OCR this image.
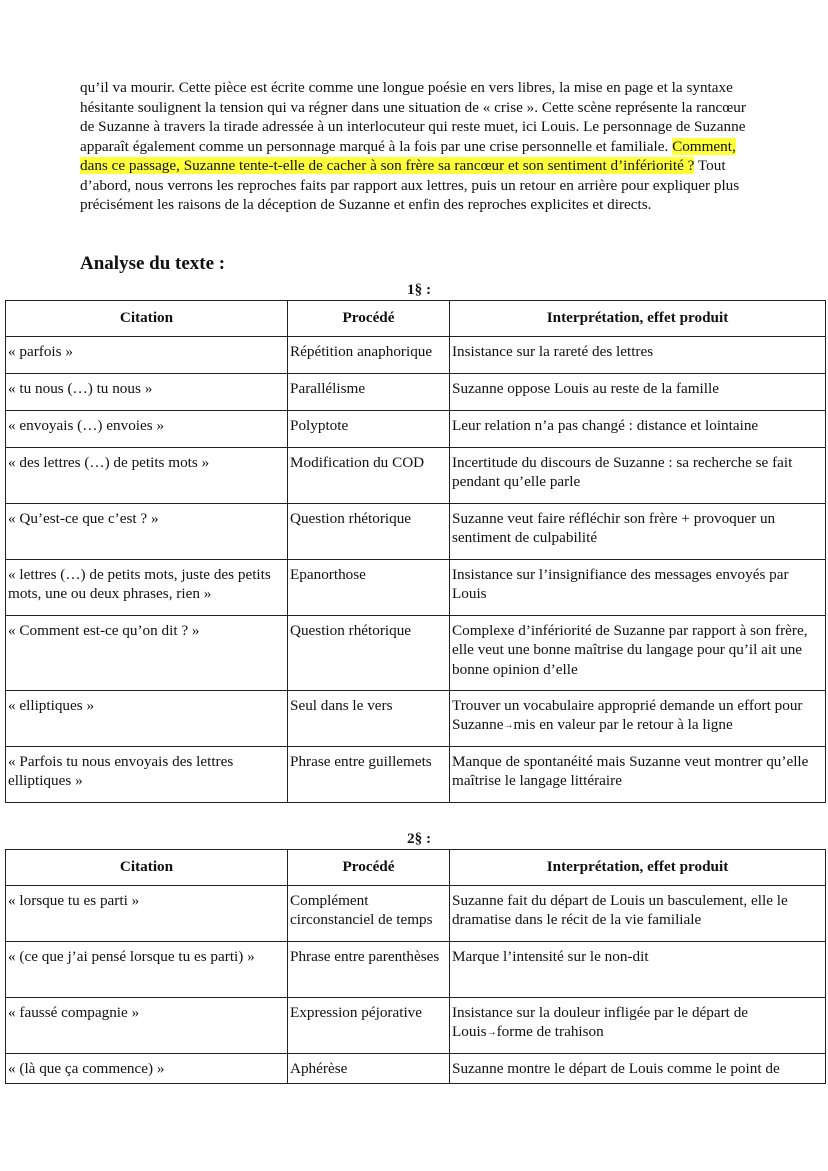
qu’il va mourir. Cette pièce est écrite comme une longue poésie en vers libres, la mise en page et la syntaxe hésitante soulignent la tension qui va régner dans une situation de « crise ». Cette scène représente la rancœur de Suzanne à travers la tirade adressée à un interlocuteur qui reste muet, ici Louis. Le personnage de Suzanne apparaît également comme un personnage marqué à la fois par une crise personnelle et familiale. Comment, dans ce passage, Suzanne tente-t-elle de cacher à son frère sa rancœur et son sentiment d’infériorité ? Tout d’abord, nous verrons les reproches faits par rapport aux lettres, puis un retour en arrière pour expliquer plus précisément les raisons de la déception de Suzanne et enfin des reproches explicites et directs.

Analyse du texte :
1§ :
Citation	Procédé	Interprétation, effet produit
« parfois »	Répétition anaphorique	Insistance sur la rareté des lettres
« tu nous (…) tu nous »	Parallélisme	Suzanne oppose Louis au reste de la famille
« envoyais (…) envoies »	Polyptote	Leur relation n’a pas changé : distance et lointaine
« des lettres (…) de petits mots »	Modification du COD	Incertitude du discours de Suzanne : sa recherche se fait pendant qu’elle parle
« Qu’est-ce que c’est ? »	Question rhétorique	Suzanne veut faire réfléchir son frère + provoquer un sentiment de culpabilité
« lettres (…) de petits mots, juste des petits mots, une ou deux phrases, rien »	Epanorthose	Insistance sur l’insignifiance des messages envoyés par Louis
« Comment est-ce qu’on dit ? »	Question rhétorique	Complexe d’infériorité de Suzanne par rapport à son frère, elle veut une bonne maîtrise du langage pour qu’il ait une bonne opinion d’elle
« elliptiques »	Seul dans le vers	Trouver un vocabulaire approprié demande un effort pour Suzanne→mis en valeur par le retour à la ligne
« Parfois tu nous envoyais des lettres elliptiques »	Phrase entre guillemets	Manque de spontanéité mais Suzanne veut montrer qu’elle maîtrise le langage littéraire
2§ :
Citation	Procédé	Interprétation, effet produit
« lorsque tu es parti »	Complément circonstanciel de temps	Suzanne fait du départ de Louis un basculement, elle le dramatise dans le récit de la vie familiale
« (ce que j’ai pensé lorsque tu es parti) »	Phrase entre parenthèses	Marque l’intensité sur le non-dit
« faussé compagnie »	Expression péjorative	Insistance sur la douleur infligée par le départ de Louis→forme de trahison
« (là que ça commence) »	Aphérèse	Suzanne montre le départ de Louis comme le point de
